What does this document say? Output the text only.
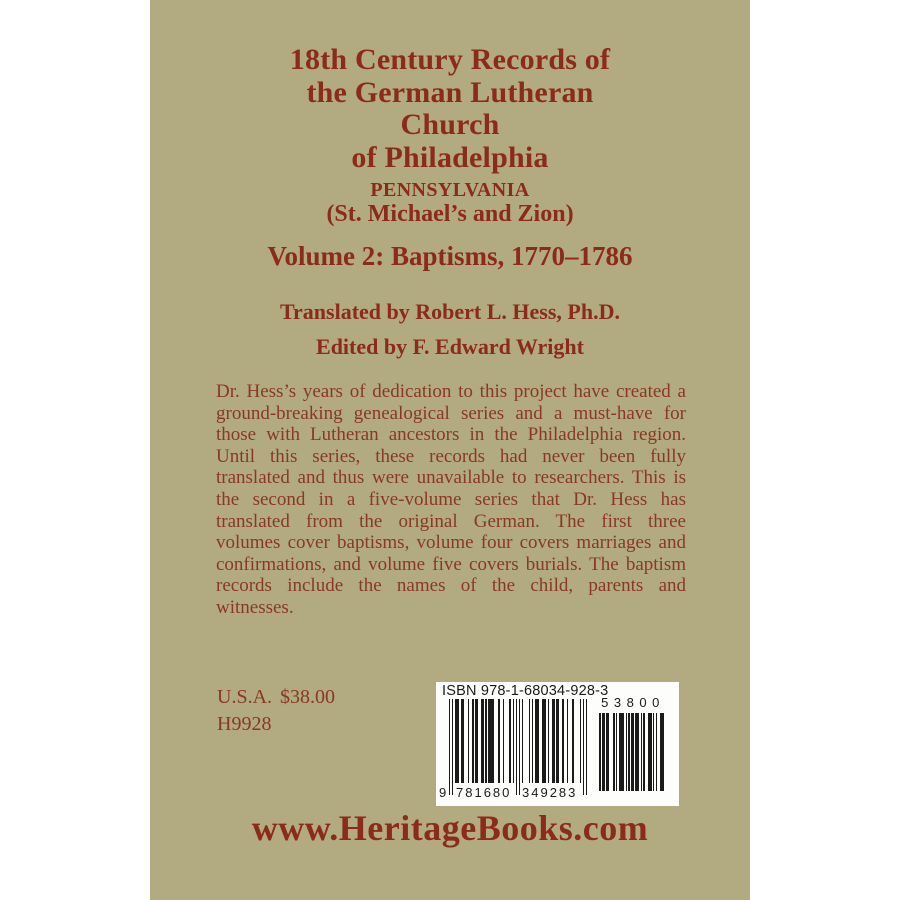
18th Century Records of
the German Lutheran
Church
of Philadelphia
PENNSYLVANIA
(St. Michael’s and Zion)
Volume 2: Baptisms, 1770–1786
Translated by Robert L. Hess, Ph.D.
Edited by F. Edward Wright

Dr. Hess’s years of dedication to this project have created a ground-breaking genealogical series and a must-have for those with Lutheran ancestors in the Philadelphia region. Until this series, these records had never been fully translated and thus were unavailable to researchers. This is the second in a five-volume series that Dr. Hess has translated from the original German. The first three volumes cover baptisms, volume four covers marriages and confirmations, and volume five covers burials. The baptism records include the names of the child, parents and witnesses.

U.S.A. $38.00
H9928
ISBN 978-1-68034-928-3
9 781680 349283
53800
www.HeritageBooks.com
